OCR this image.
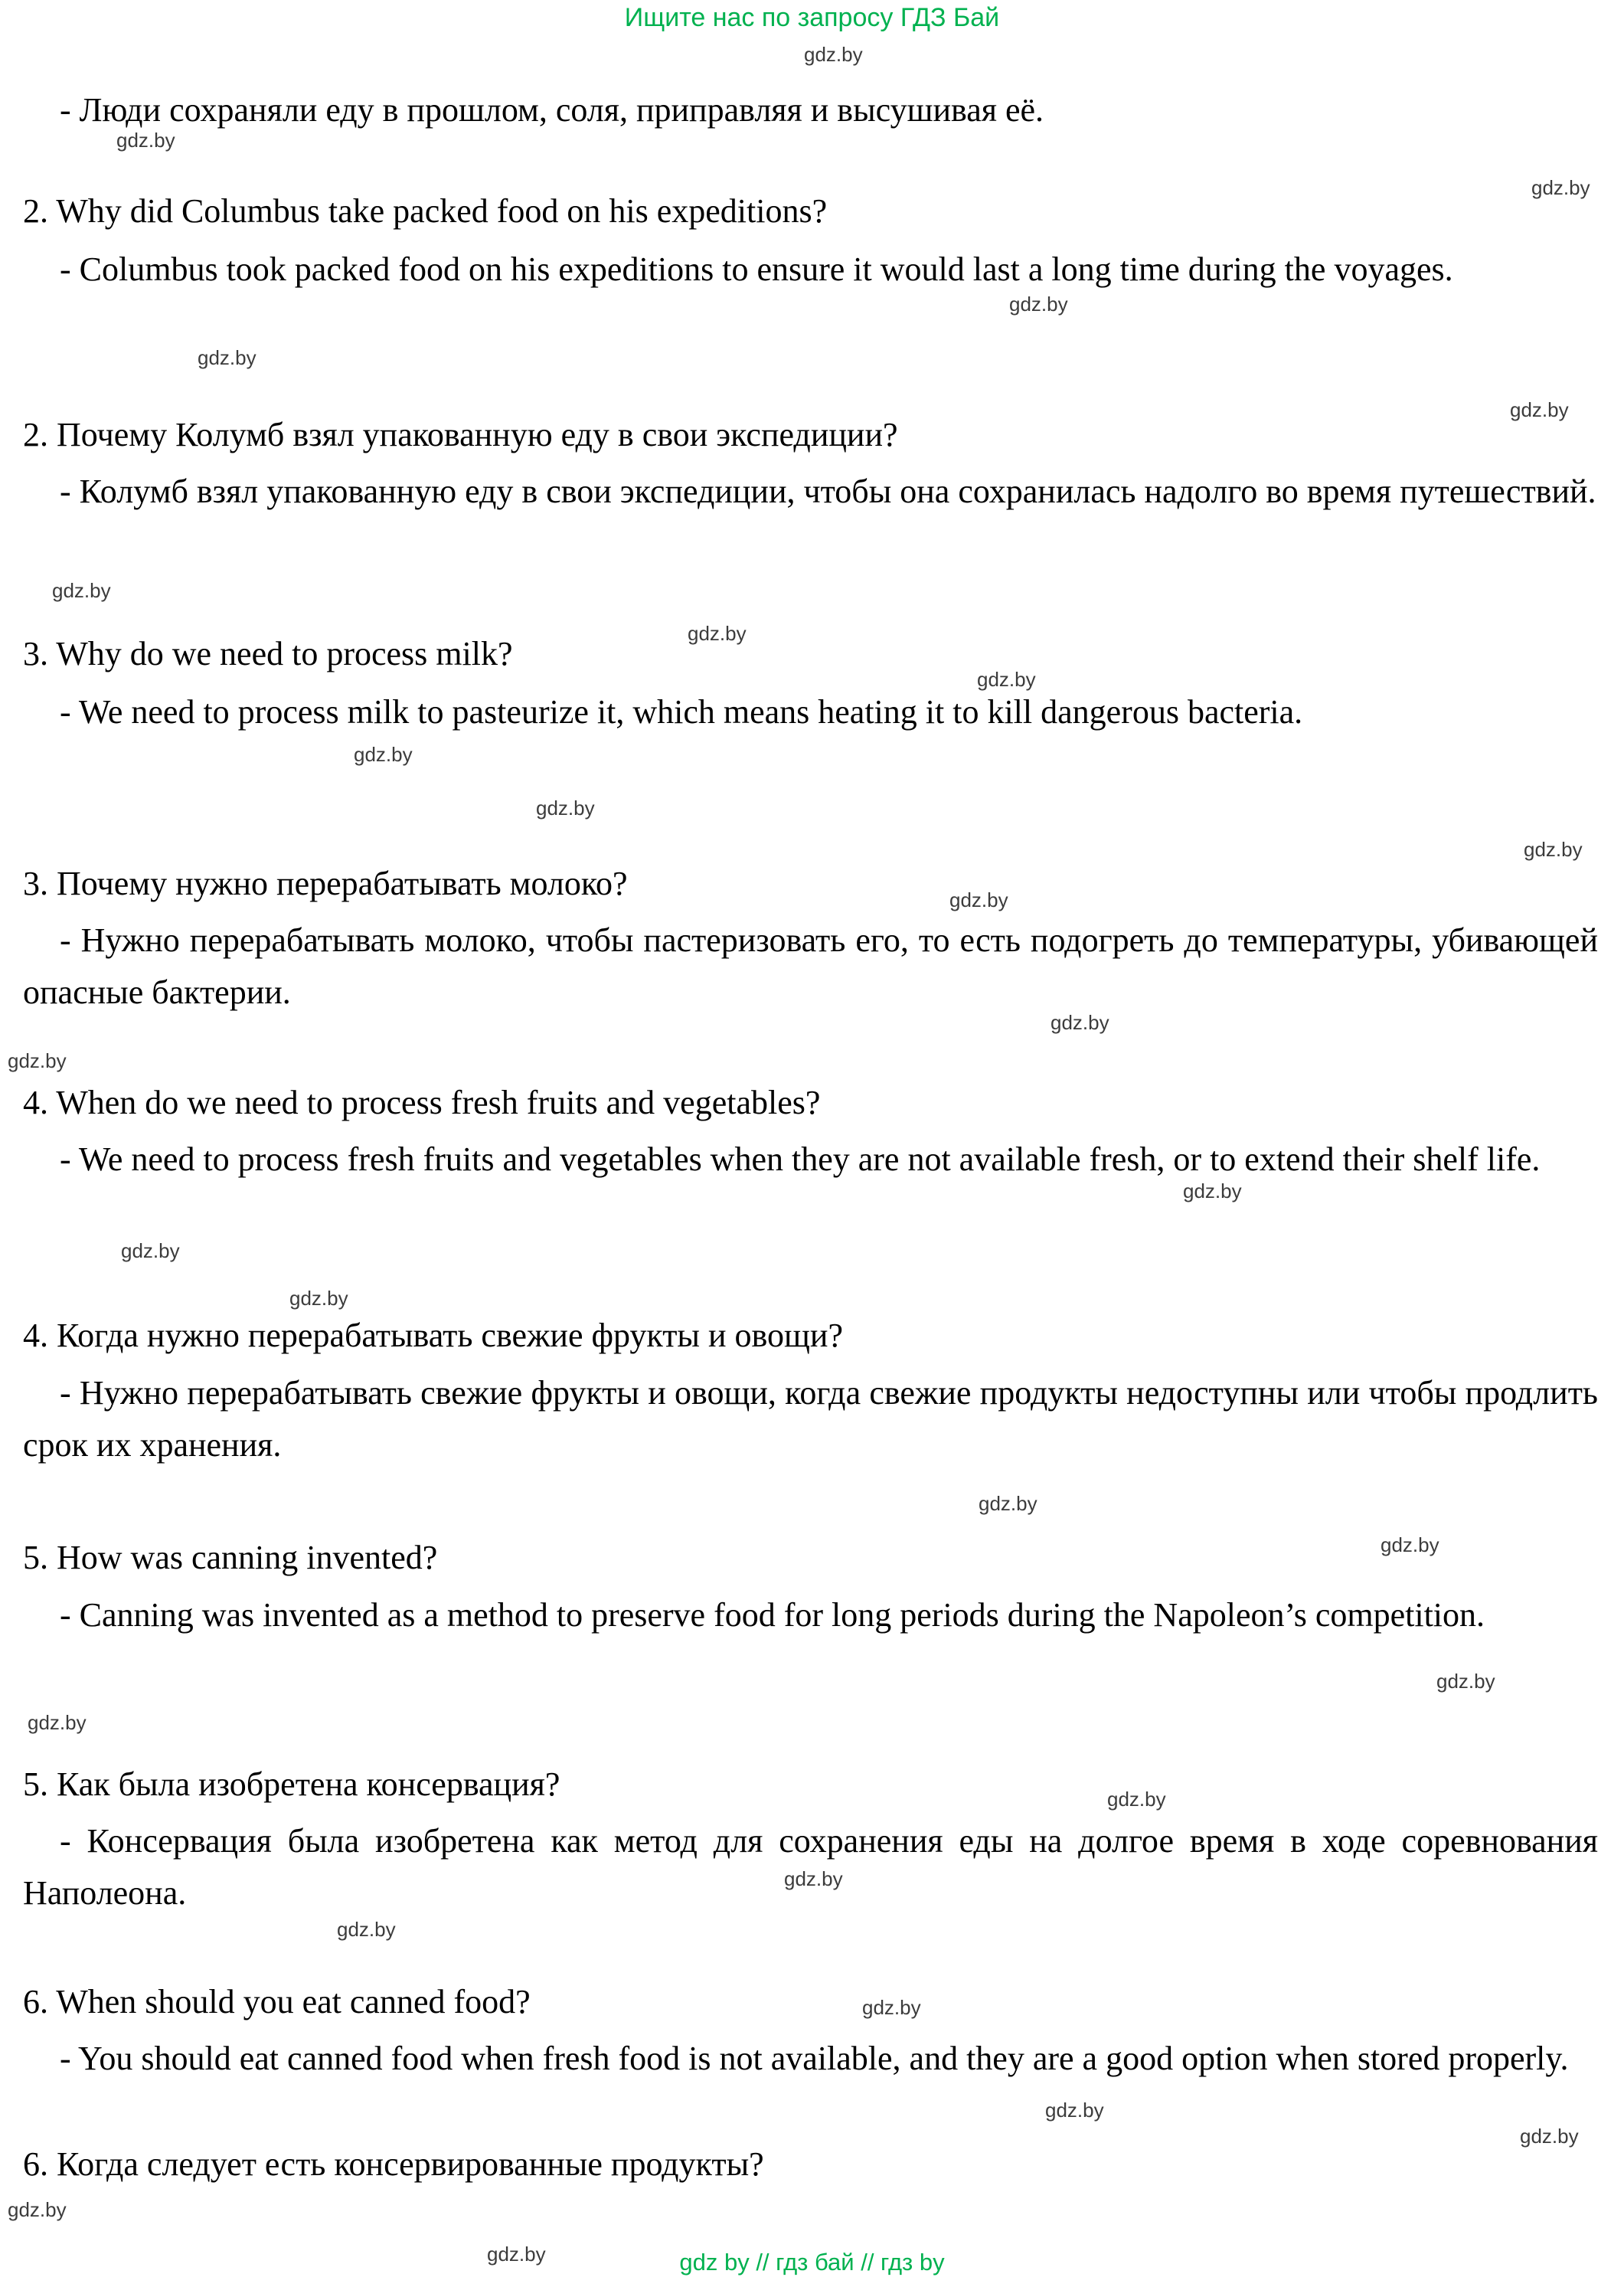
Ищите нас по запросу ГДЗ Бай
gdz by // гдз бай // гдз by
- Люди сохраняли еду в прошлом, соля, приправляя и высушивая её.
2. Why did Columbus take packed food on his expeditions?
- Columbus took packed food on his expeditions to ensure it would last a long time during the voyages.
2. Почему Колумб взял упакованную еду в свои экспедиции?
- Колумб взял упакованную еду в свои экспедиции, чтобы она сохранилась надолго во время путешествий.
3. Why do we need to process milk?
- We need to process milk to pasteurize it, which means heating it to kill dangerous bacteria.
3. Почему нужно перерабатывать молоко?
- Нужно перерабатывать молоко, чтобы пастеризовать его, то есть подогреть до температуры, убивающей опасные бактерии.
4. When do we need to process fresh fruits and vegetables?
- We need to process fresh fruits and vegetables when they are not available fresh, or to extend their shelf life.
4. Когда нужно перерабатывать свежие фрукты и овощи?
- Нужно перерабатывать свежие фрукты и овощи, когда свежие продукты недоступны или чтобы продлить срок их хранения.
5. How was canning invented?
- Canning was invented as a method to preserve food for long periods during the Napoleon’s competition.
5. Как была изобретена консервация?
- Консервация была изобретена как метод для сохранения еды на долгое время в ходе соревнования Наполеона.
6. When should you eat canned food?
- You should eat canned food when fresh food is not available, and they are a good option when stored properly.
6. Когда следует есть консервированные продукты?
gdz.by
gdz.by
gdz.by
gdz.by
gdz.by
gdz.by
gdz.by
gdz.by
gdz.by
gdz.by
gdz.by
gdz.by
gdz.by
gdz.by
gdz.by
gdz.by
gdz.by
gdz.by
gdz.by
gdz.by
gdz.by
gdz.by
gdz.by
gdz.by
gdz.by
gdz.by
gdz.by
gdz.by
gdz.by
gdz.by
